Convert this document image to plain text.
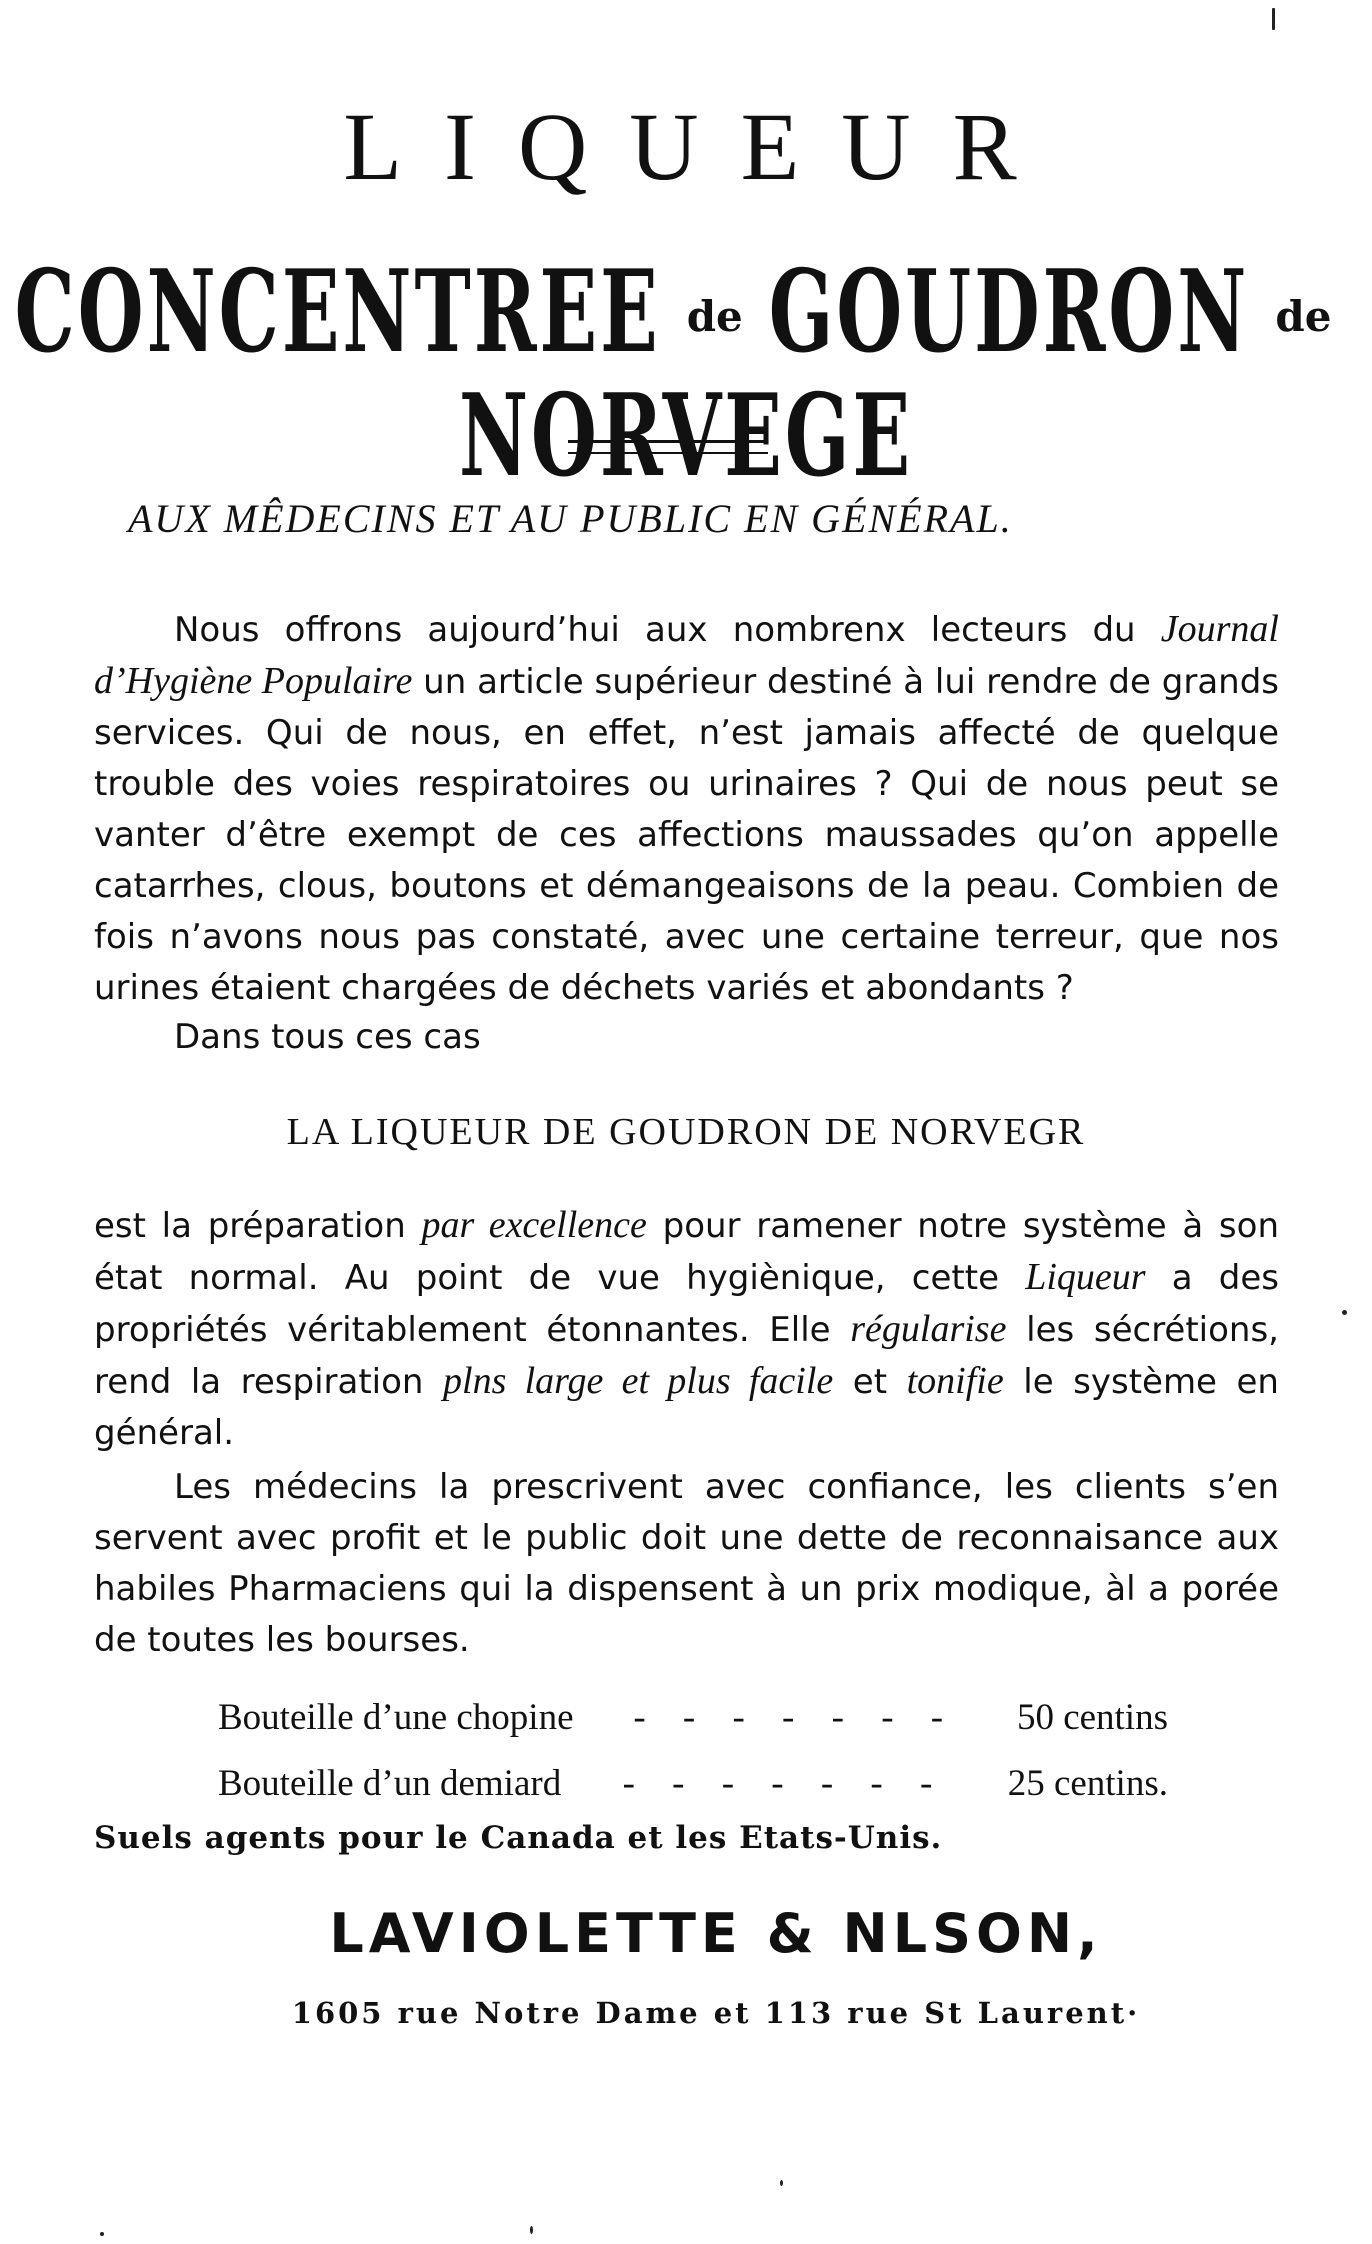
LIQUEUR
CONCENTREE de GOUDRON deNORVEGE
AUX MÊDECINS ET AU PUBLIC EN GÉNÉRAL.

Nous offrons aujourd’hui aux nombrenx lecteurs du Journal d’Hygiène Populaire un article supérieur destiné à lui rendre de grands services. Qui de nous, en effet, n’est jamais affecté de quelque trouble des voies respiratoires ou urinaires ? Qui de nous peut se vanter d’être exempt de ces affections maussades qu’on appelle catarrhes, clous, boutons et démangeaisons de la peau. Combien de fois n’avons nous pas constaté, avec une certaine terreur, que nos urines étaient chargées de déchets variés et abondants ?

Dans tous ces cas

LA LIQUEUR DE GOUDRON DE NORVEGR

est la préparation par excellence pour ramener notre système à son état normal. Au point de vue hygiènique, cette Liqueur a des propriétés véritablement étonnantes. Elle régularise les sécrétions, rend la respiration plns large et plus facile et tonifie le système en général.

Les médecins la prescrivent avec confiance, les clients s’en servent avec profit et le public doit une dette de reconnaisance aux habiles Pharmaciens qui la dispensent à un prix modique, àl a porée de toutes les bourses.

Bouteille d’une chopine	- - - - - - -	50 centins
Bouteille d’un demiard	- - - - - - -	25 centins.
Suels agents pour le Canada et les Etats-Unis.
LAVIOLETTE & NLSON,
1605 rue Notre Dame et 113 rue St Laurent·
